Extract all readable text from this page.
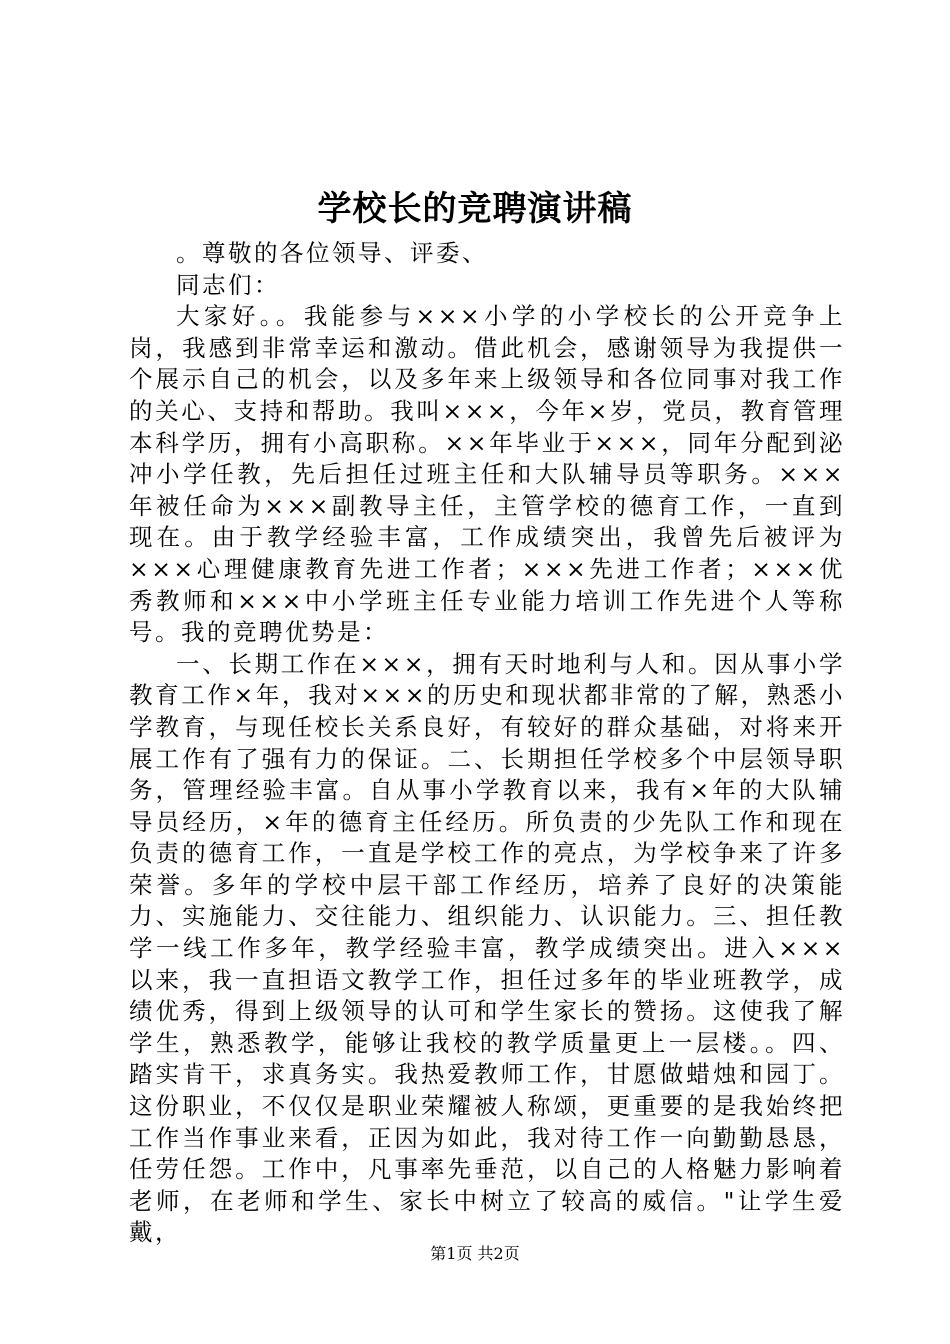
学校长的竞聘演讲稿

。尊敬的各位领导、评委、

同志们：

大家好。。我能参与×××小学的小学校长的公开竞争上岗，我感到非常幸运和激动。借此机会，感谢领导为我提供一个展示自己的机会，以及多年来上级领导和各位同事对我工作的关心、支持和帮助。我叫×××，今年×岁，党员，教育管理本科学历，拥有小高职称。××年毕业于×××，同年分配到泌冲小学任教，先后担任过班主任和大队辅导员等职务。×××年被任命为×××副教导主任，主管学校的德育工作，一直到现在。由于教学经验丰富，工作成绩突出，我曾先后被评为×××心理健康教育先进工作者；×××先进工作者；×××优秀教师和×××中小学班主任专业能力培训工作先进个人等称号。我的竞聘优势是：

一、长期工作在×××，拥有天时地利与人和。因从事小学教育工作×年，我对×××的历史和现状都非常的了解，熟悉小学教育，与现任校长关系良好，有较好的群众基础，对将来开展工作有了强有力的保证。二、长期担任学校多个中层领导职务，管理经验丰富。自从事小学教育以来，我有×年的大队辅导员经历，×年的德育主任经历。所负责的少先队工作和现在负责的德育工作，一直是学校工作的亮点，为学校争来了许多荣誉。多年的学校中层干部工作经历，培养了良好的决策能力、实施能力、交往能力、组织能力、认识能力。三、担任教学一线工作多年，教学经验丰富，教学成绩突出。进入×××以来，我一直担语文教学工作，担任过多年的毕业班教学，成绩优秀，得到上级领导的认可和学生家长的赞扬。这使我了解学生，熟悉教学，能够让我校的教学质量更上一层楼。。四、踏实肯干，求真务实。我热爱教师工作，甘愿做蜡烛和园丁。这份职业，不仅仅是职业荣耀被人称颂，更重要的是我始终把工作当作事业来看，正因为如此，我对待工作一向勤勤恳恳，任劳任怨。工作中，凡事率先垂范，以自己的人格魅力影响着老师，在老师和学生、家长中树立了较高的威信。"让学生爱戴，

第1页 共2页
